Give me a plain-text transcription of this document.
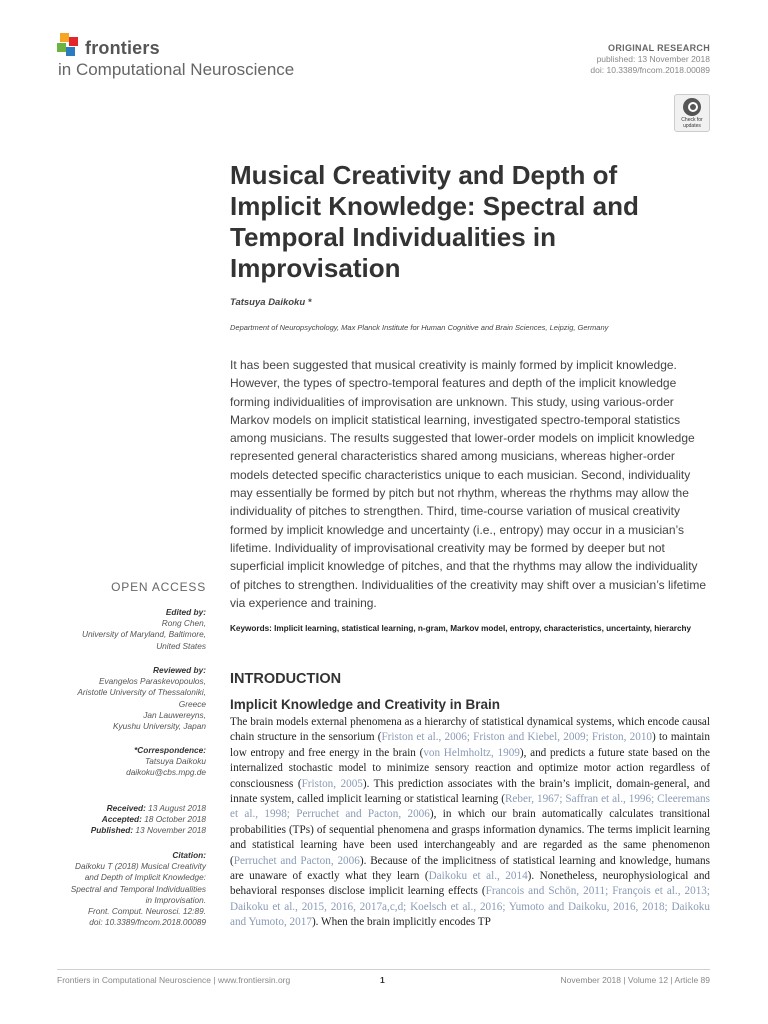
frontiers
in Computational Neuroscience
ORIGINAL RESEARCH
published: 13 November 2018
doi: 10.3389/fncom.2018.00089
Check for
updates
Musical Creativity and Depth of Implicit Knowledge: Spectral and Temporal Individualities in Improvisation
Tatsuya Daikoku *
Department of Neuropsychology, Max Planck Institute for Human Cognitive and Brain Sciences, Leipzig, Germany
It has been suggested that musical creativity is mainly formed by implicit knowledge. However, the types of spectro-temporal features and depth of the implicit knowledge forming individualities of improvisation are unknown. This study, using various-order Markov models on implicit statistical learning, investigated spectro-temporal statistics among musicians. The results suggested that lower-order models on implicit knowledge represented general characteristics shared among musicians, whereas higher-order models detected specific characteristics unique to each musician. Second, individuality may essentially be formed by pitch but not rhythm, whereas the rhythms may allow the individuality of pitches to strengthen. Third, time-course variation of musical creativity formed by implicit knowledge and uncertainty (i.e., entropy) may occur in a musician’s lifetime. Individuality of improvisational creativity may be formed by deeper but not superficial implicit knowledge of pitches, and that the rhythms may allow the individuality of pitches to strengthen. Individualities of the creativity may shift over a musician’s lifetime via experience and training.
Keywords: Implicit learning, statistical learning, n-gram, Markov model, entropy, characteristics, uncertainty, hierarchy
OPEN ACCESS
Edited by:
Rong Chen,
University of Maryland, Baltimore,
United States
Reviewed by:
Evangelos Paraskevopoulos,
Aristotle University of Thessaloniki,
Greece
Jan Lauwereyns,
Kyushu University, Japan
*Correspondence:
Tatsuya Daikoku
daikoku@cbs.mpg.de
Received: 13 August 2018
Accepted: 18 October 2018
Published: 13 November 2018
Citation:
Daikoku T (2018) Musical Creativity
and Depth of Implicit Knowledge:
Spectral and Temporal Individualities
in Improvisation.
Front. Comput. Neurosci. 12:89.
doi: 10.3389/fncom.2018.00089
INTRODUCTION
Implicit Knowledge and Creativity in Brain
The brain models external phenomena as a hierarchy of statistical dynamical systems, which encode causal chain structure in the sensorium (Friston et al., 2006; Friston and Kiebel, 2009; Friston, 2010) to maintain low entropy and free energy in the brain (von Helmholtz, 1909), and predicts a future state based on the internalized stochastic model to minimize sensory reaction and optimize motor action regardless of consciousness (Friston, 2005). This prediction associates with the brain’s implicit, domain-general, and innate system, called implicit learning or statistical learning (Reber, 1967; Saffran et al., 1996; Cleeremans et al., 1998; Perruchet and Pacton, 2006), in which our brain automatically calculates transitional probabilities (TPs) of sequential phenomena and grasps information dynamics. The terms implicit learning and statistical learning have been used interchangeably and are regarded as the same phenomenon (Perruchet and Pacton, 2006). Because of the implicitness of statistical learning and knowledge, humans are unaware of exactly what they learn (Daikoku et al., 2014). Nonetheless, neurophysiological and behavioral responses disclose implicit learning effects (Francois and Schön, 2011; François et al., 2013; Daikoku et al., 2015, 2016, 2017a,c,d; Koelsch et al., 2016; Yumoto and Daikoku, 2016, 2018; Daikoku and Yumoto, 2017). When the brain implicitly encodes TP
Frontiers in Computational Neuroscience | www.frontiersin.org	1	November 2018 | Volume 12 | Article 89
